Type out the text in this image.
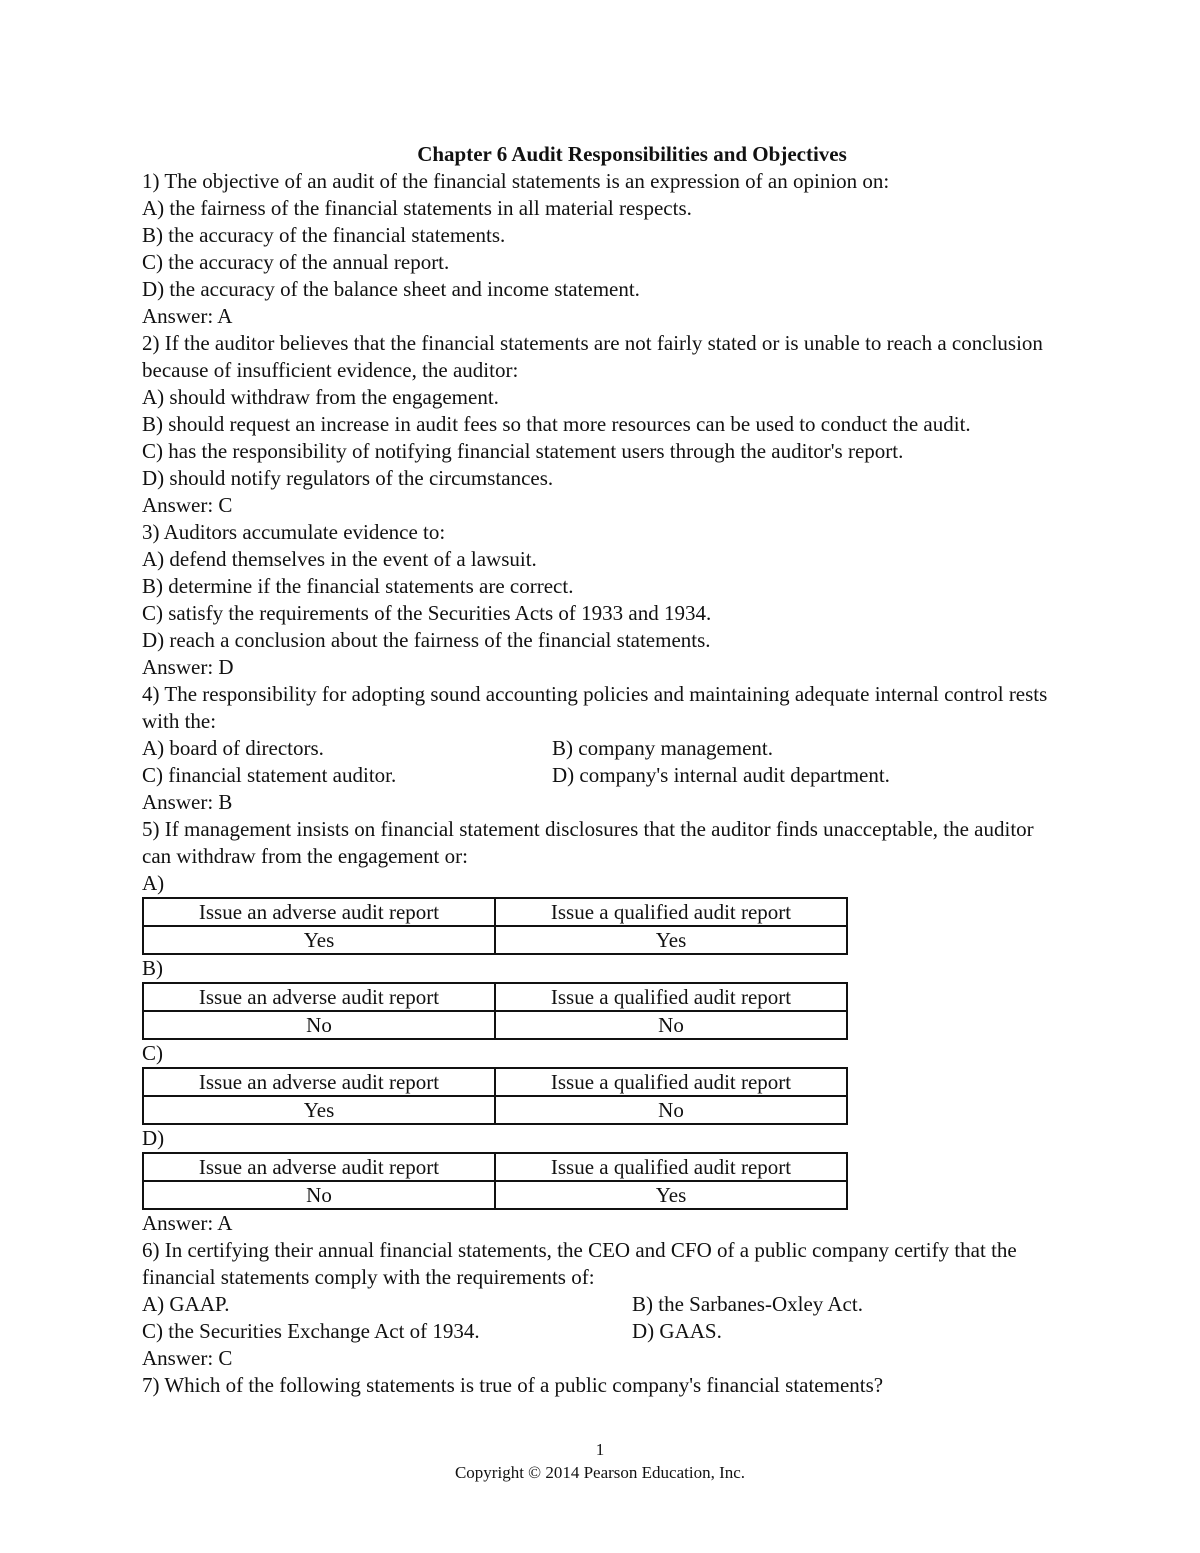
Chapter 6 Audit Responsibilities and Objectives
1) The objective of an audit of the financial statements is an expression of an opinion on:
A) the fairness of the financial statements in all material respects.
B) the accuracy of the financial statements.
C) the accuracy of the annual report.
D) the accuracy of the balance sheet and income statement.
Answer: A
2) If the auditor believes that the financial statements are not fairly stated or is unable to reach a conclusion because of insufficient evidence, the auditor:
A) should withdraw from the engagement.
B) should request an increase in audit fees so that more resources can be used to conduct the audit.
C) has the responsibility of notifying financial statement users through the auditor's report.
D) should notify regulators of the circumstances.
Answer: C
3) Auditors accumulate evidence to:
A) defend themselves in the event of a lawsuit.
B) determine if the financial statements are correct.
C) satisfy the requirements of the Securities Acts of 1933 and 1934.
D) reach a conclusion about the fairness of the financial statements.
Answer: D
4) The responsibility for adopting sound accounting policies and maintaining adequate internal control rests with the:
A) board of directors.	B) company management.
C) financial statement auditor.	D) company's internal audit department.
Answer: B
5) If management insists on financial statement disclosures that the auditor finds unacceptable, the auditor can withdraw from the engagement or:
A)
Issue an adverse audit report	Issue a qualified audit report
Yes	Yes
B)
Issue an adverse audit report	Issue a qualified audit report
No	No
C)
Issue an adverse audit report	Issue a qualified audit report
Yes	No
D)
Issue an adverse audit report	Issue a qualified audit report
No	Yes
Answer: A
6) In certifying their annual financial statements, the CEO and CFO of a public company certify that the financial statements comply with the requirements of:
A) GAAP.	B) the Sarbanes-Oxley Act.
C) the Securities Exchange Act of 1934.	D) GAAS.
Answer: C
7) Which of the following statements is true of a public company's financial statements?
1
Copyright © 2014 Pearson Education, Inc.
